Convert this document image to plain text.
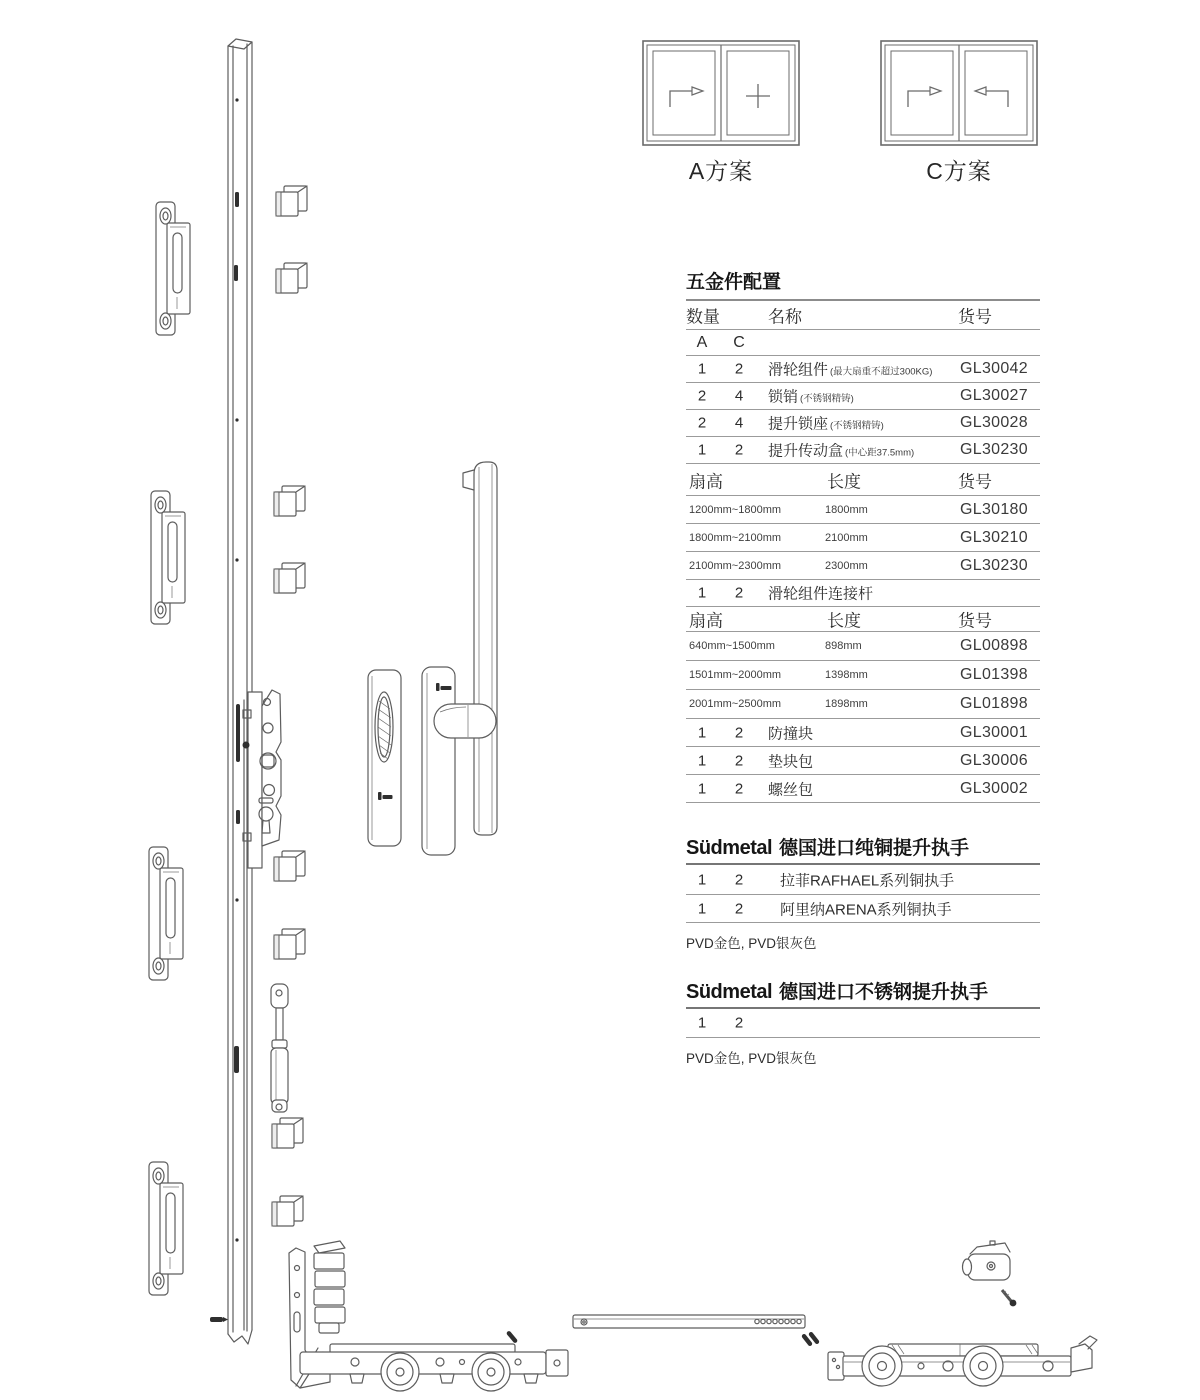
A方案	C方案
五金件配置
数量	名称	货号
A	C
1	2	滑轮组件 (最大扇重不超过300KG) GL30042
2	4	锁销 (不锈钢精铸)	GL30027
2	4	提升锁座 (不锈钢精铸)	GL30028
1	2	提升传动盒 (中心距37.5mm)	GL30230
扇高	长度	货号
1200mm~1800mm	1800mm	GL30180
1800mm~2100mm	2100mm	GL30210
2100mm~2300mm	2300mm	GL30230
1	2	滑轮组件连接杆
扇高	长度	货号
640mm~1500mm	898mm	GL00898
1501mm~2000mm	1398mm	GL01398
2001mm~2500mm	1898mm	GL01898
1	2	防撞块	GL30001
1	2	垫块包	GL30006
1	2	螺丝包	GL30002
Südmetal 德国进口纯铜提升执手
1	2	拉菲RAFHAEL系列铜执手
1	2	阿里纳ARENA系列铜执手
PVD金色, PVD银灰色
Südmetal 德国进口不锈钢提升执手
1	2
PVD金色, PVD银灰色
